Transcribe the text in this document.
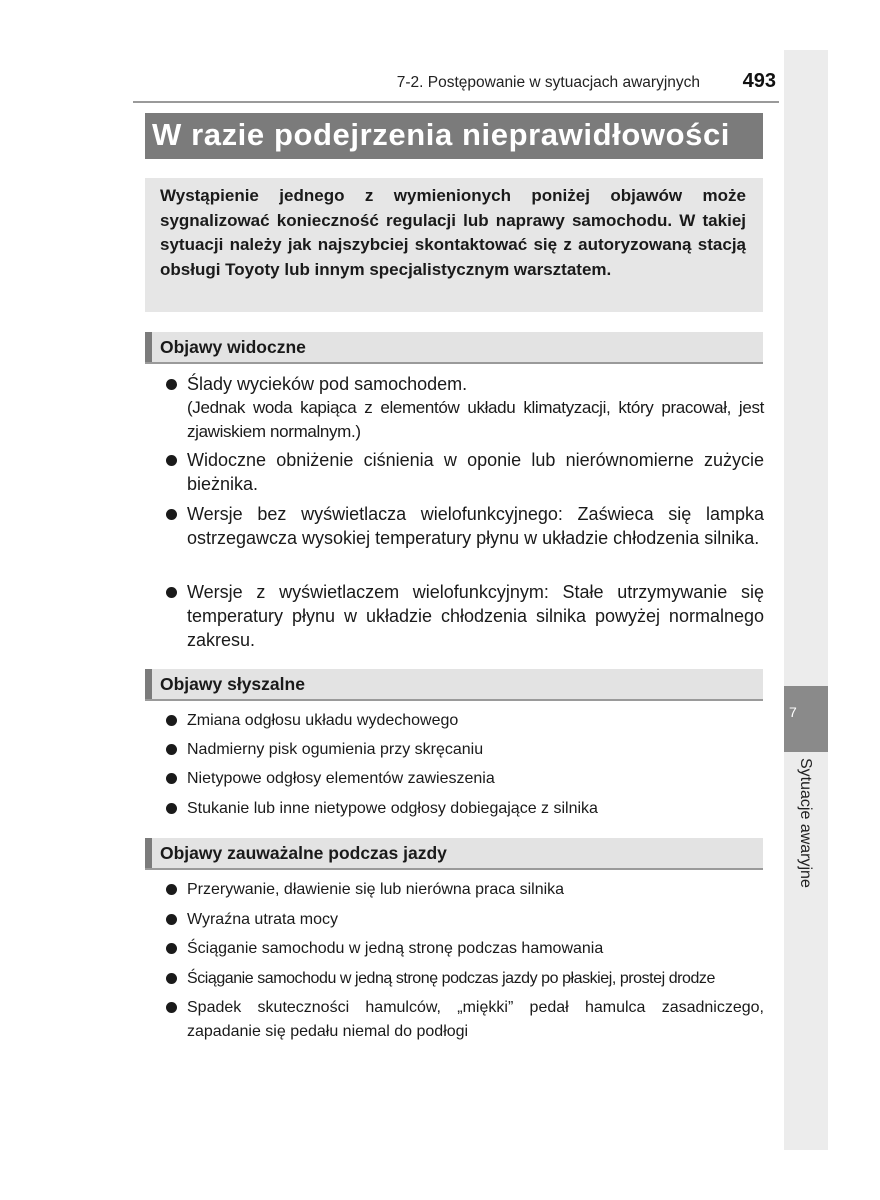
7-2. Postępowanie w sytuacjach awaryjnych	493
7
Sytuacje awaryjne
W razie podejrzenia nieprawidłowości
Wystąpienie jednego z wymienionych poniżej objawów może sygnalizować konieczność regulacji lub naprawy samochodu. W takiej sytuacji należy jak najszybciej skontaktować się z autoryzowaną stacją obsługi Toyoty lub innym specjalistycznym warsztatem.
Objawy widoczne
Ślady wycieków pod samochodem.
(Jednak woda kapiąca z elementów układu klimatyzacji, który pracował, jest zjawiskiem normalnym.)
Widoczne obniżenie ciśnienia w oponie lub nierównomierne zużycie bieżnika.
Wersje bez wyświetlacza wielofunkcyjnego: Zaświeca się lampka ostrzegawcza wysokiej temperatury płynu w układzie chłodzenia silnika.
Wersje z wyświetlaczem wielofunkcyjnym: Stałe utrzymywanie się temperatury płynu w układzie chłodzenia silnika powyżej normalnego zakresu.
Objawy słyszalne
Zmiana odgłosu układu wydechowego
Nadmierny pisk ogumienia przy skręcaniu
Nietypowe odgłosy elementów zawieszenia
Stukanie lub inne nietypowe odgłosy dobiegające z silnika
Objawy zauważalne podczas jazdy
Przerywanie, dławienie się lub nierówna praca silnika
Wyraźna utrata mocy
Ściąganie samochodu w jedną stronę podczas hamowania
Ściąganie samochodu w jedną stronę podczas jazdy po płaskiej, prostej drodze
Spadek skuteczności hamulców, „miękki” pedał hamulca zasadniczego, zapadanie się pedału niemal do podłogi
